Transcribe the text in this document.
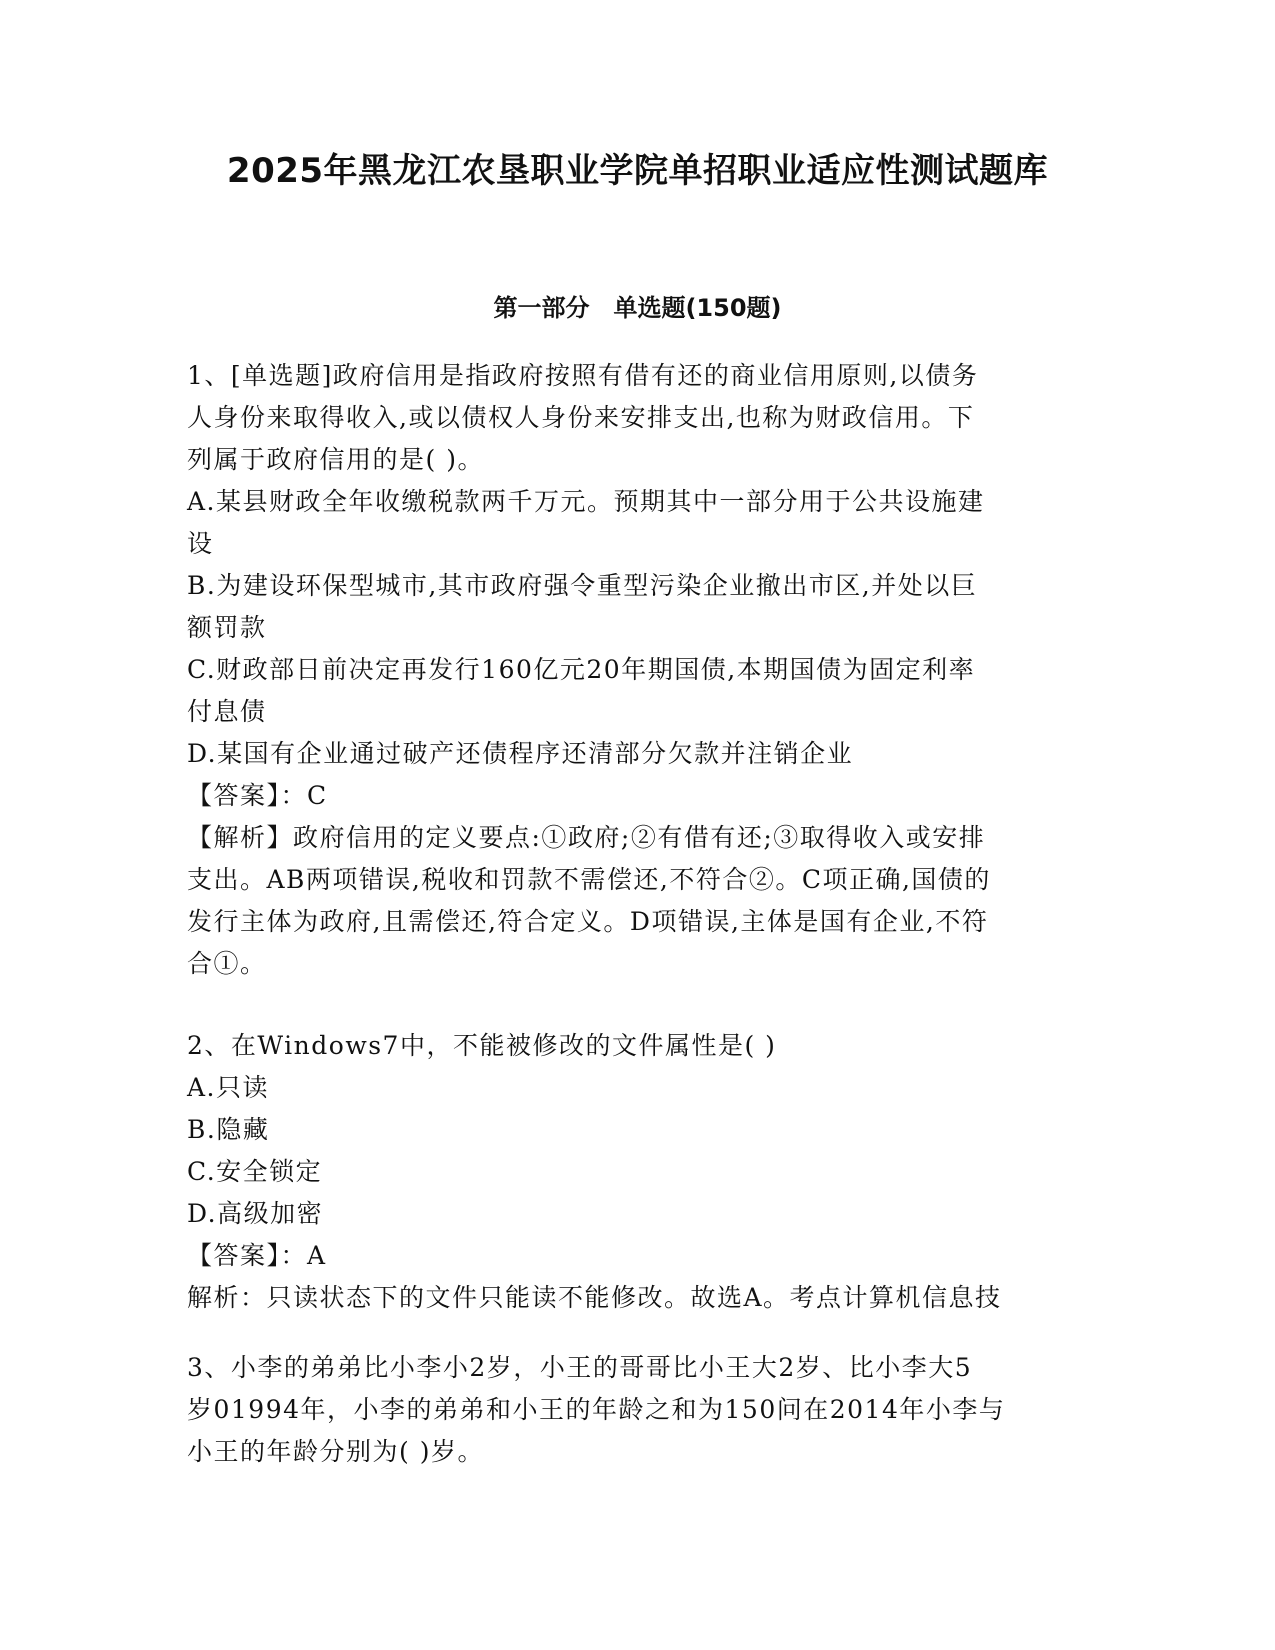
2025年黑龙江农垦职业学院单招职业适应性测试题库
第一部分　单选题(150题)
1、[单选题]政府信用是指政府按照有借有还的商业信用原则,以债务
人身份来取得收入,或以债权人身份来安排支出,也称为财政信用。下
列属于政府信用的是( )。
A.某县财政全年收缴税款两千万元。预期其中一部分用于公共设施建
设
B.为建设环保型城市,其市政府强令重型污染企业撤出市区,并处以巨
额罚款
C.财政部日前决定再发行160亿元20年期国债,本期国债为固定利率
付息债
D.某国有企业通过破产还债程序还清部分欠款并注销企业
【答案】：C
【解析】政府信用的定义要点:①政府;②有借有还;③取得收入或安排
支出。AB两项错误,税收和罚款不需偿还,不符合②。C项正确,国债的
发行主体为政府,且需偿还,符合定义。D项错误,主体是国有企业,不符
合①。
2、在Windows7中，不能被修改的文件属性是( )
A.只读
B.隐藏
C.安全锁定
D.高级加密
【答案】：A
解析：只读状态下的文件只能读不能修改。故选A。考点计算机信息技
3、小李的弟弟比小李小2岁，小王的哥哥比小王大2岁、比小李大5
岁01994年，小李的弟弟和小王的年龄之和为150问在2014年小李与
小王的年龄分别为( )岁。
